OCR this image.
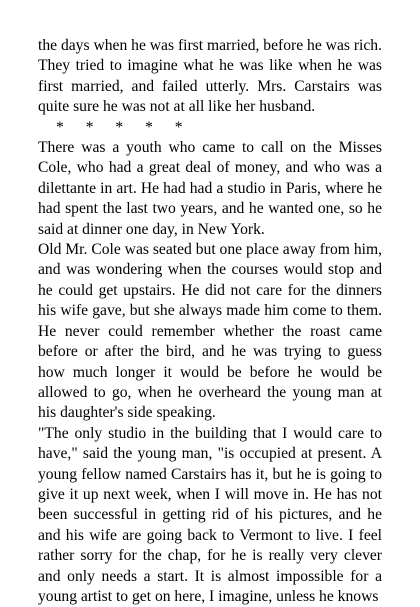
the days when he was first married, before he was rich. They tried to imagine what he was like when he was first married, and failed utterly. Mrs. Carstairs was quite sure he was not at all like her husband.

* * * * *

There was a youth who came to call on the Misses Cole, who had a great deal of money, and who was a dilettante in art. He had had a studio in Paris, where he had spent the last two years, and he wanted one, so he said at dinner one day, in New York.

Old Mr. Cole was seated but one place away from him, and was wondering when the courses would stop and he could get upstairs. He did not care for the dinners his wife gave, but she always made him come to them. He never could remember whether the roast came before or after the bird, and he was trying to guess how much longer it would be before he would be allowed to go, when he overheard the young man at his daughter's side speaking.

"The only studio in the building that I would care to have," said the young man, "is occupied at present. A young fellow named Carstairs has it, but he is going to give it up next week, when I will move in. He has not been successful in getting rid of his pictures, and he and his wife are going back to Vermont to live. I feel rather sorry for the chap, for he is really very clever and only needs a start. It is almost impossible for a young artist to get on here, I imagine, unless he knows
